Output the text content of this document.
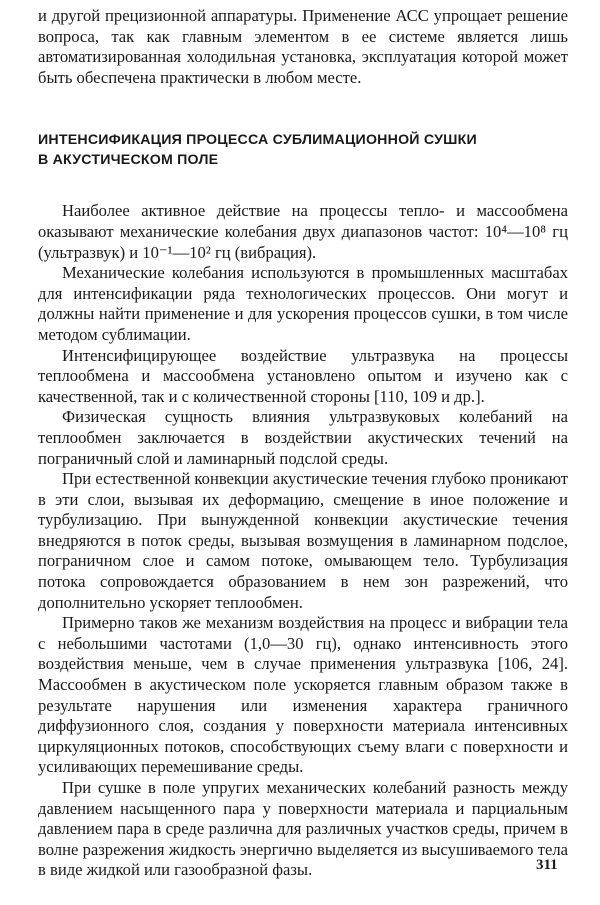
и другой прецизионной аппаратуры. Применение АСС упрощает решение вопроса, так как главным элементом в ее системе является лишь автоматизированная холодильная установка, эксплуатация которой может быть обеспечена практически в любом месте.

ИНТЕНСИФИКАЦИЯ ПРОЦЕССА СУБЛИМАЦИОННОЙ СУШКИ

В АКУСТИЧЕСКОМ ПОЛЕ

Наиболее активное действие на процессы тепло- и массообмена оказывают механические колебания двух диапазонов частот: 10⁴—10⁸ гц (ультразвук) и 10⁻¹—10² гц (вибрация).

Механические колебания используются в промышленных масштабах для интенсификации ряда технологических процессов. Они могут и должны найти применение и для ускорения процессов сушки, в том числе методом сублимации.

Интенсифицирующее воздействие ультразвука на процессы теплообмена и массообмена установлено опытом и изучено как с качественной, так и с количественной стороны [110, 109 и др.].

Физическая сущность влияния ультразвуковых колебаний на теплообмен заключается в воздействии акустических течений на пограничный слой и ламинарный подслой среды.

При естественной конвекции акустические течения глубоко проникают в эти слои, вызывая их деформацию, смещение в иное положение и турбулизацию. При вынужденной конвекции акустические течения внедряются в поток среды, вызывая возмущения в ламинарном подслое, пограничном слое и самом потоке, омывающем тело. Турбулизация потока сопровождается образованием в нем зон разрежений, что дополнительно ускоряет теплообмен.

Примерно таков же механизм воздействия на процесс и вибрации тела с небольшими частотами (1,0—30 гц), однако интенсивность этого воздействия меньше, чем в случае применения ультразвука [106, 24]. Массообмен в акустическом поле ускоряется главным образом также в результате нарушения или изменения характера граничного диффузионного слоя, создания у поверхности материала интенсивных циркуляционных потоков, способствующих съему влаги с поверхности и усиливающих перемешивание среды.

При сушке в поле упругих механических колебаний разность между давлением насыщенного пара у поверхности материала и парциальным давлением пара в среде различна для различных участков среды, причем в волне разрежения жидкость энергично выделяется из высушиваемого тела в виде жидкой или газообразной фазы.	311
